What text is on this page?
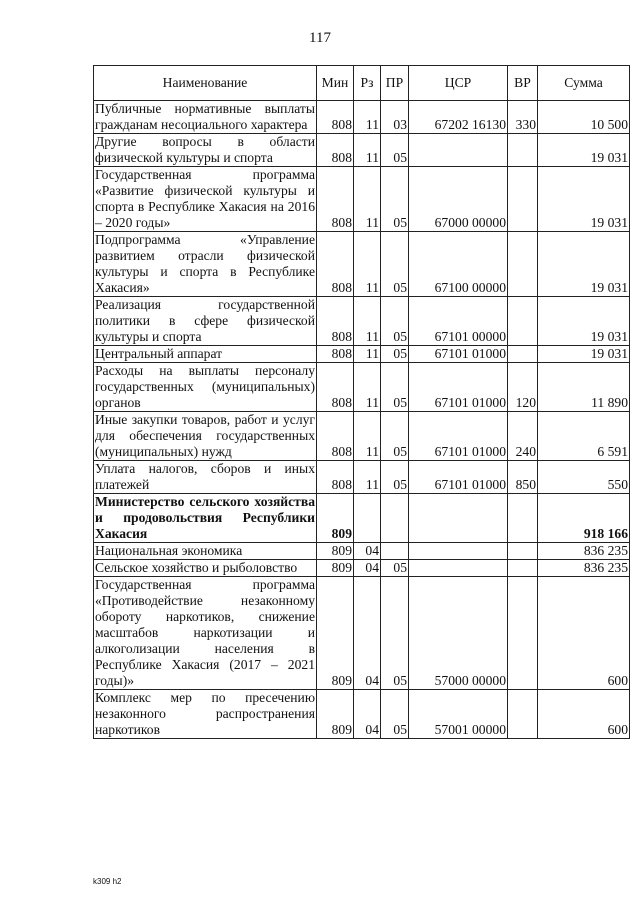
117
Наименование	Мин	Рз	ПР	ЦСР	ВР	Сумма
Публичные нормативные выплаты гражданам несоциального характера	808	11	03	67202 16130	330	10 500
Другие вопросы в области физической культуры и спорта	808	11	05			19 031
Государственная программа «Развитие физической культуры и спорта в Республике Хакасия на 2016 – 2020 годы»	808	11	05	67000 00000		19 031
Подпрограмма «Управление развитием отрасли физической культуры и спорта в Республике Хакасия»	808	11	05	67100 00000		19 031
Реализация государственной политики в сфере физической культуры и спорта	808	11	05	67101 00000		19 031
Центральный аппарат	808	11	05	67101 01000		19 031
Расходы на выплаты персоналу государственных (муниципальных) органов	808	11	05	67101 01000	120	11 890
Иные закупки товаров, работ и услуг для обеспечения государственных (муниципальных) нужд	808	11	05	67101 01000	240	6 591
Уплата налогов, сборов и иных платежей	808	11	05	67101 01000	850	550
Министерство сельского хозяйства и продовольствия Республики Хакасия	809					918 166
Национальная экономика	809	04				836 235
Сельское хозяйство и рыболовство	809	04	05			836 235
Государственная программа «Противодействие незаконному обороту наркотиков, снижение масштабов наркотизации и алкоголизации населения в Республике Хакасия (2017 – 2021 годы)»	809	04	05	57000 00000		600
Комплекс мер по пресечению незаконного распространения наркотиков	809	04	05	57001 00000		600
k309 h2
